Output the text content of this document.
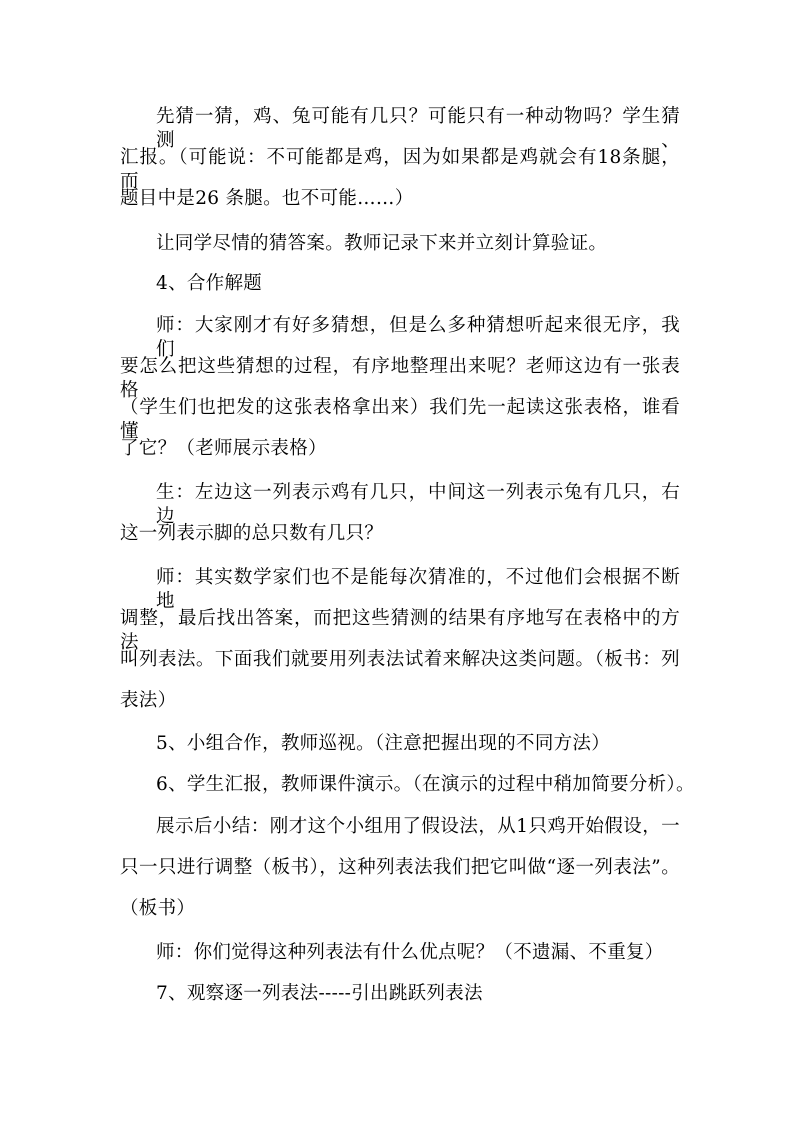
先猜一猜，鸡、兔可能有几只？可能只有一种动物吗？学生猜测、
汇报。（可能说：不可能都是鸡，因为如果都是鸡就会有18条腿，而
题目中是26 条腿。也不可能……）
让同学尽情的猜答案。教师记录下来并立刻计算验证。
4、合作解题
师：大家刚才有好多猜想，但是么多种猜想听起来很无序，我们
要怎么把这些猜想的过程，有序地整理出来呢？老师这边有一张表格
（学生们也把发的这张表格拿出来）我们先一起读这张表格，谁看懂
了它？（老师展示表格）
生：左边这一列表示鸡有几只，中间这一列表示兔有几只，右边
这一列表示脚的总只数有几只？
师：其实数学家们也不是能每次猜准的，不过他们会根据不断地
调整，最后找出答案，而把这些猜测的结果有序地写在表格中的方法
叫列表法。下面我们就要用列表法试着来解决这类问题。（板书：列
表法）
5、小组合作，教师巡视。（注意把握出现的不同方法）
6、学生汇报，教师课件演示。（在演示的过程中稍加简要分析）。
展示后小结：刚才这个小组用了假设法，从1只鸡开始假设，一
只一只进行调整（板书），这种列表法我们把它叫做“逐一列表法”。
（板书）
师：你们觉得这种列表法有什么优点呢？（不遗漏、不重复）
7、观察逐一列表法-----引出跳跃列表法
